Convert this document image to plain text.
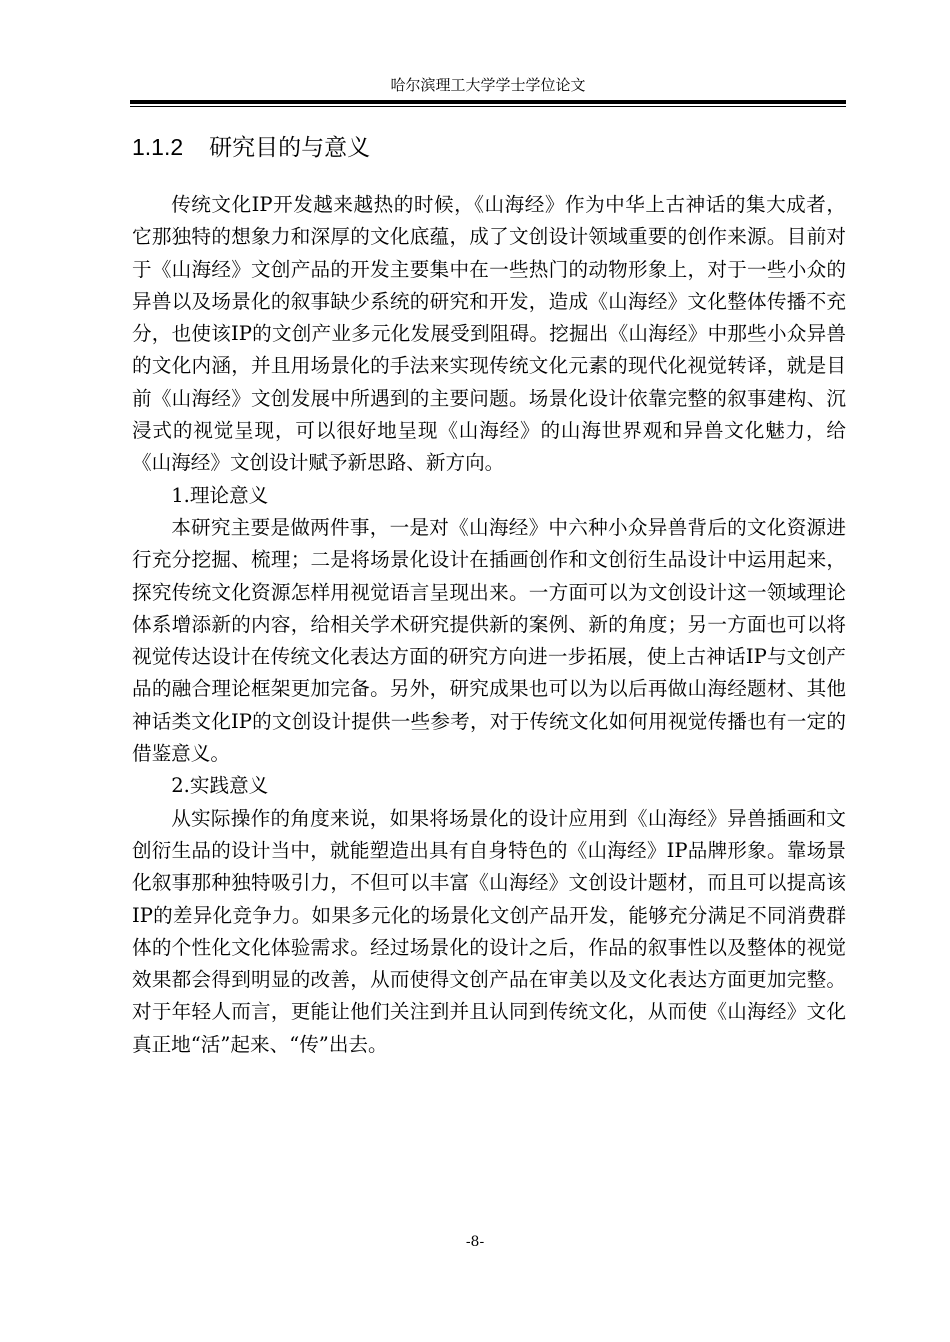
哈尔滨理工大学学士学位论文
1.1.2 研究目的与意义

传统文化IP开发越来越热的时候，《山海经》作为中华上古神话的集大成者，它那独特的想象力和深厚的文化底蕴，成了文创设计领域重要的创作来源。目前对于《山海经》文创产品的开发主要集中在一些热门的动物形象上，对于一些小众的异兽以及场景化的叙事缺少系统的研究和开发，造成《山海经》文化整体传播不充分，也使该IP的文创产业多元化发展受到阻碍。挖掘出《山海经》中那些小众异兽的文化内涵，并且用场景化的手法来实现传统文化元素的现代化视觉转译，就是目前《山海经》文创发展中所遇到的主要问题。场景化设计依靠完整的叙事建构、沉浸式的视觉呈现，可以很好地呈现《山海经》的山海世界观和异兽文化魅力，给《山海经》文创设计赋予新思路、新方向。

1.理论意义

本研究主要是做两件事，一是对《山海经》中六种小众异兽背后的文化资源进行充分挖掘、梳理；二是将场景化设计在插画创作和文创衍生品设计中运用起来，探究传统文化资源怎样用视觉语言呈现出来。一方面可以为文创设计这一领域理论体系增添新的内容，给相关学术研究提供新的案例、新的角度；另一方面也可以将视觉传达设计在传统文化表达方面的研究方向进一步拓展，使上古神话IP与文创产品的融合理论框架更加完备。另外，研究成果也可以为以后再做山海经题材、其他神话类文化IP的文创设计提供一些参考，对于传统文化如何用视觉传播也有一定的借鉴意义。

2.实践意义

从实际操作的角度来说，如果将场景化的设计应用到《山海经》异兽插画和文创衍生品的设计当中，就能塑造出具有自身特色的《山海经》IP品牌形象。靠场景化叙事那种独特吸引力，不但可以丰富《山海经》文创设计题材，而且可以提高该IP的差异化竞争力。如果多元化的场景化文创产品开发，能够充分满足不同消费群体的个性化文化体验需求。经过场景化的设计之后，作品的叙事性以及整体的视觉效果都会得到明显的改善，从而使得文创产品在审美以及文化表达方面更加完整。对于年轻人而言，更能让他们关注到并且认同到传统文化，从而使《山海经》文化真正地“活”起来、“传”出去。

-8-
